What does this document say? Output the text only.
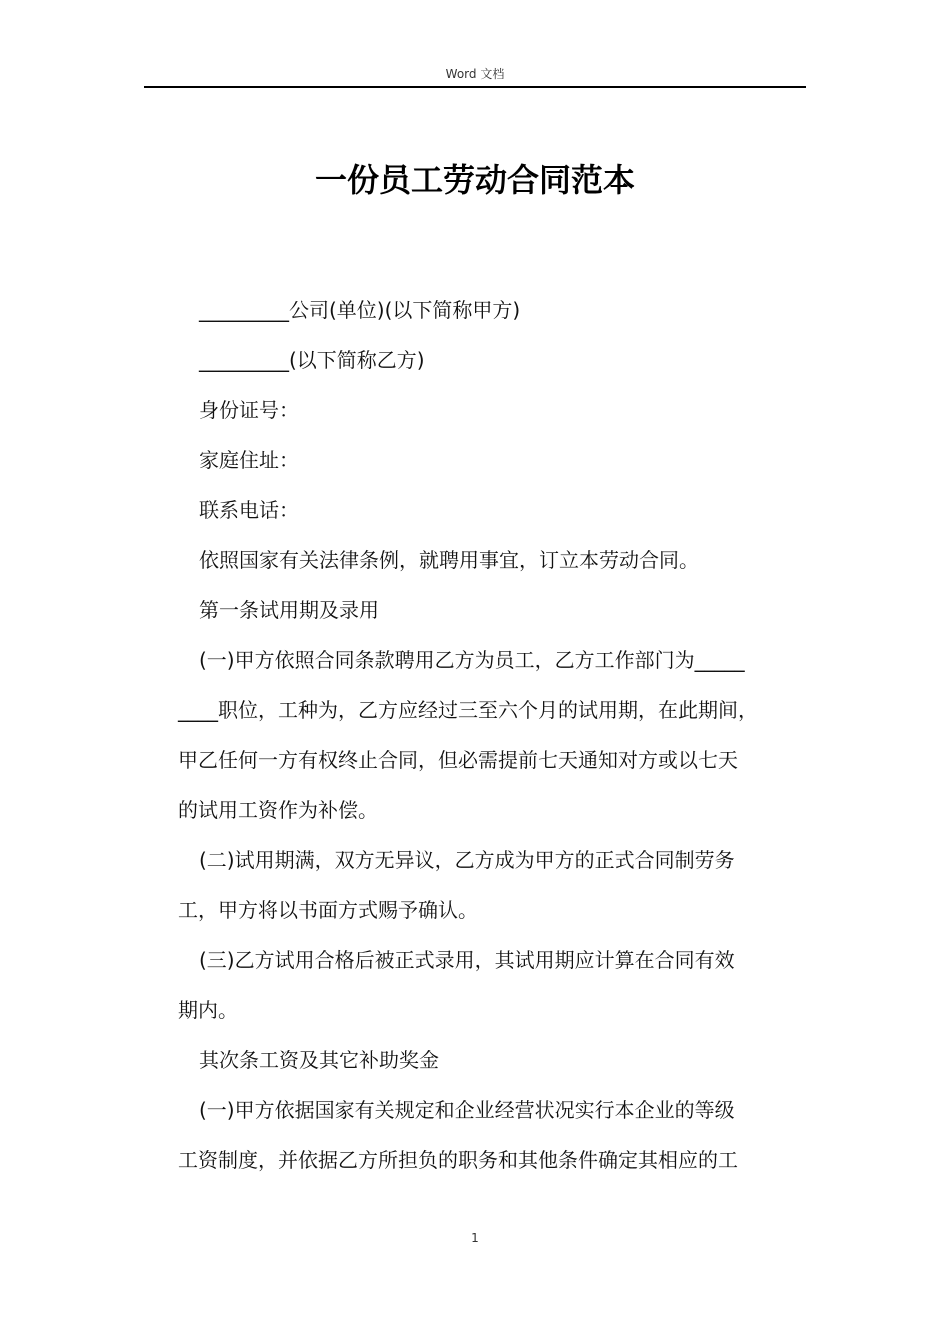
Word 文档
一份员工劳动合同范本
_________公司(单位)(以下简称甲方)
_________(以下简称乙方)
身份证号：
家庭住址：
联系电话：
依照国家有关法律条例，就聘用事宜，订立本劳动合同。
第一条试用期及录用
(一)甲方依照合同条款聘用乙方为员工，乙方工作部门为_____
____职位，工种为，乙方应经过三至六个月的试用期，在此期间，
甲乙任何一方有权终止合同，但必需提前七天通知对方或以七天
的试用工资作为补偿。
(二)试用期满，双方无异议，乙方成为甲方的正式合同制劳务
工，甲方将以书面方式赐予确认。
(三)乙方试用合格后被正式录用，其试用期应计算在合同有效
期内。
其次条工资及其它补助奖金
(一)甲方依据国家有关规定和企业经营状况实行本企业的等级
工资制度，并依据乙方所担负的职务和其他条件确定其相应的工
1
